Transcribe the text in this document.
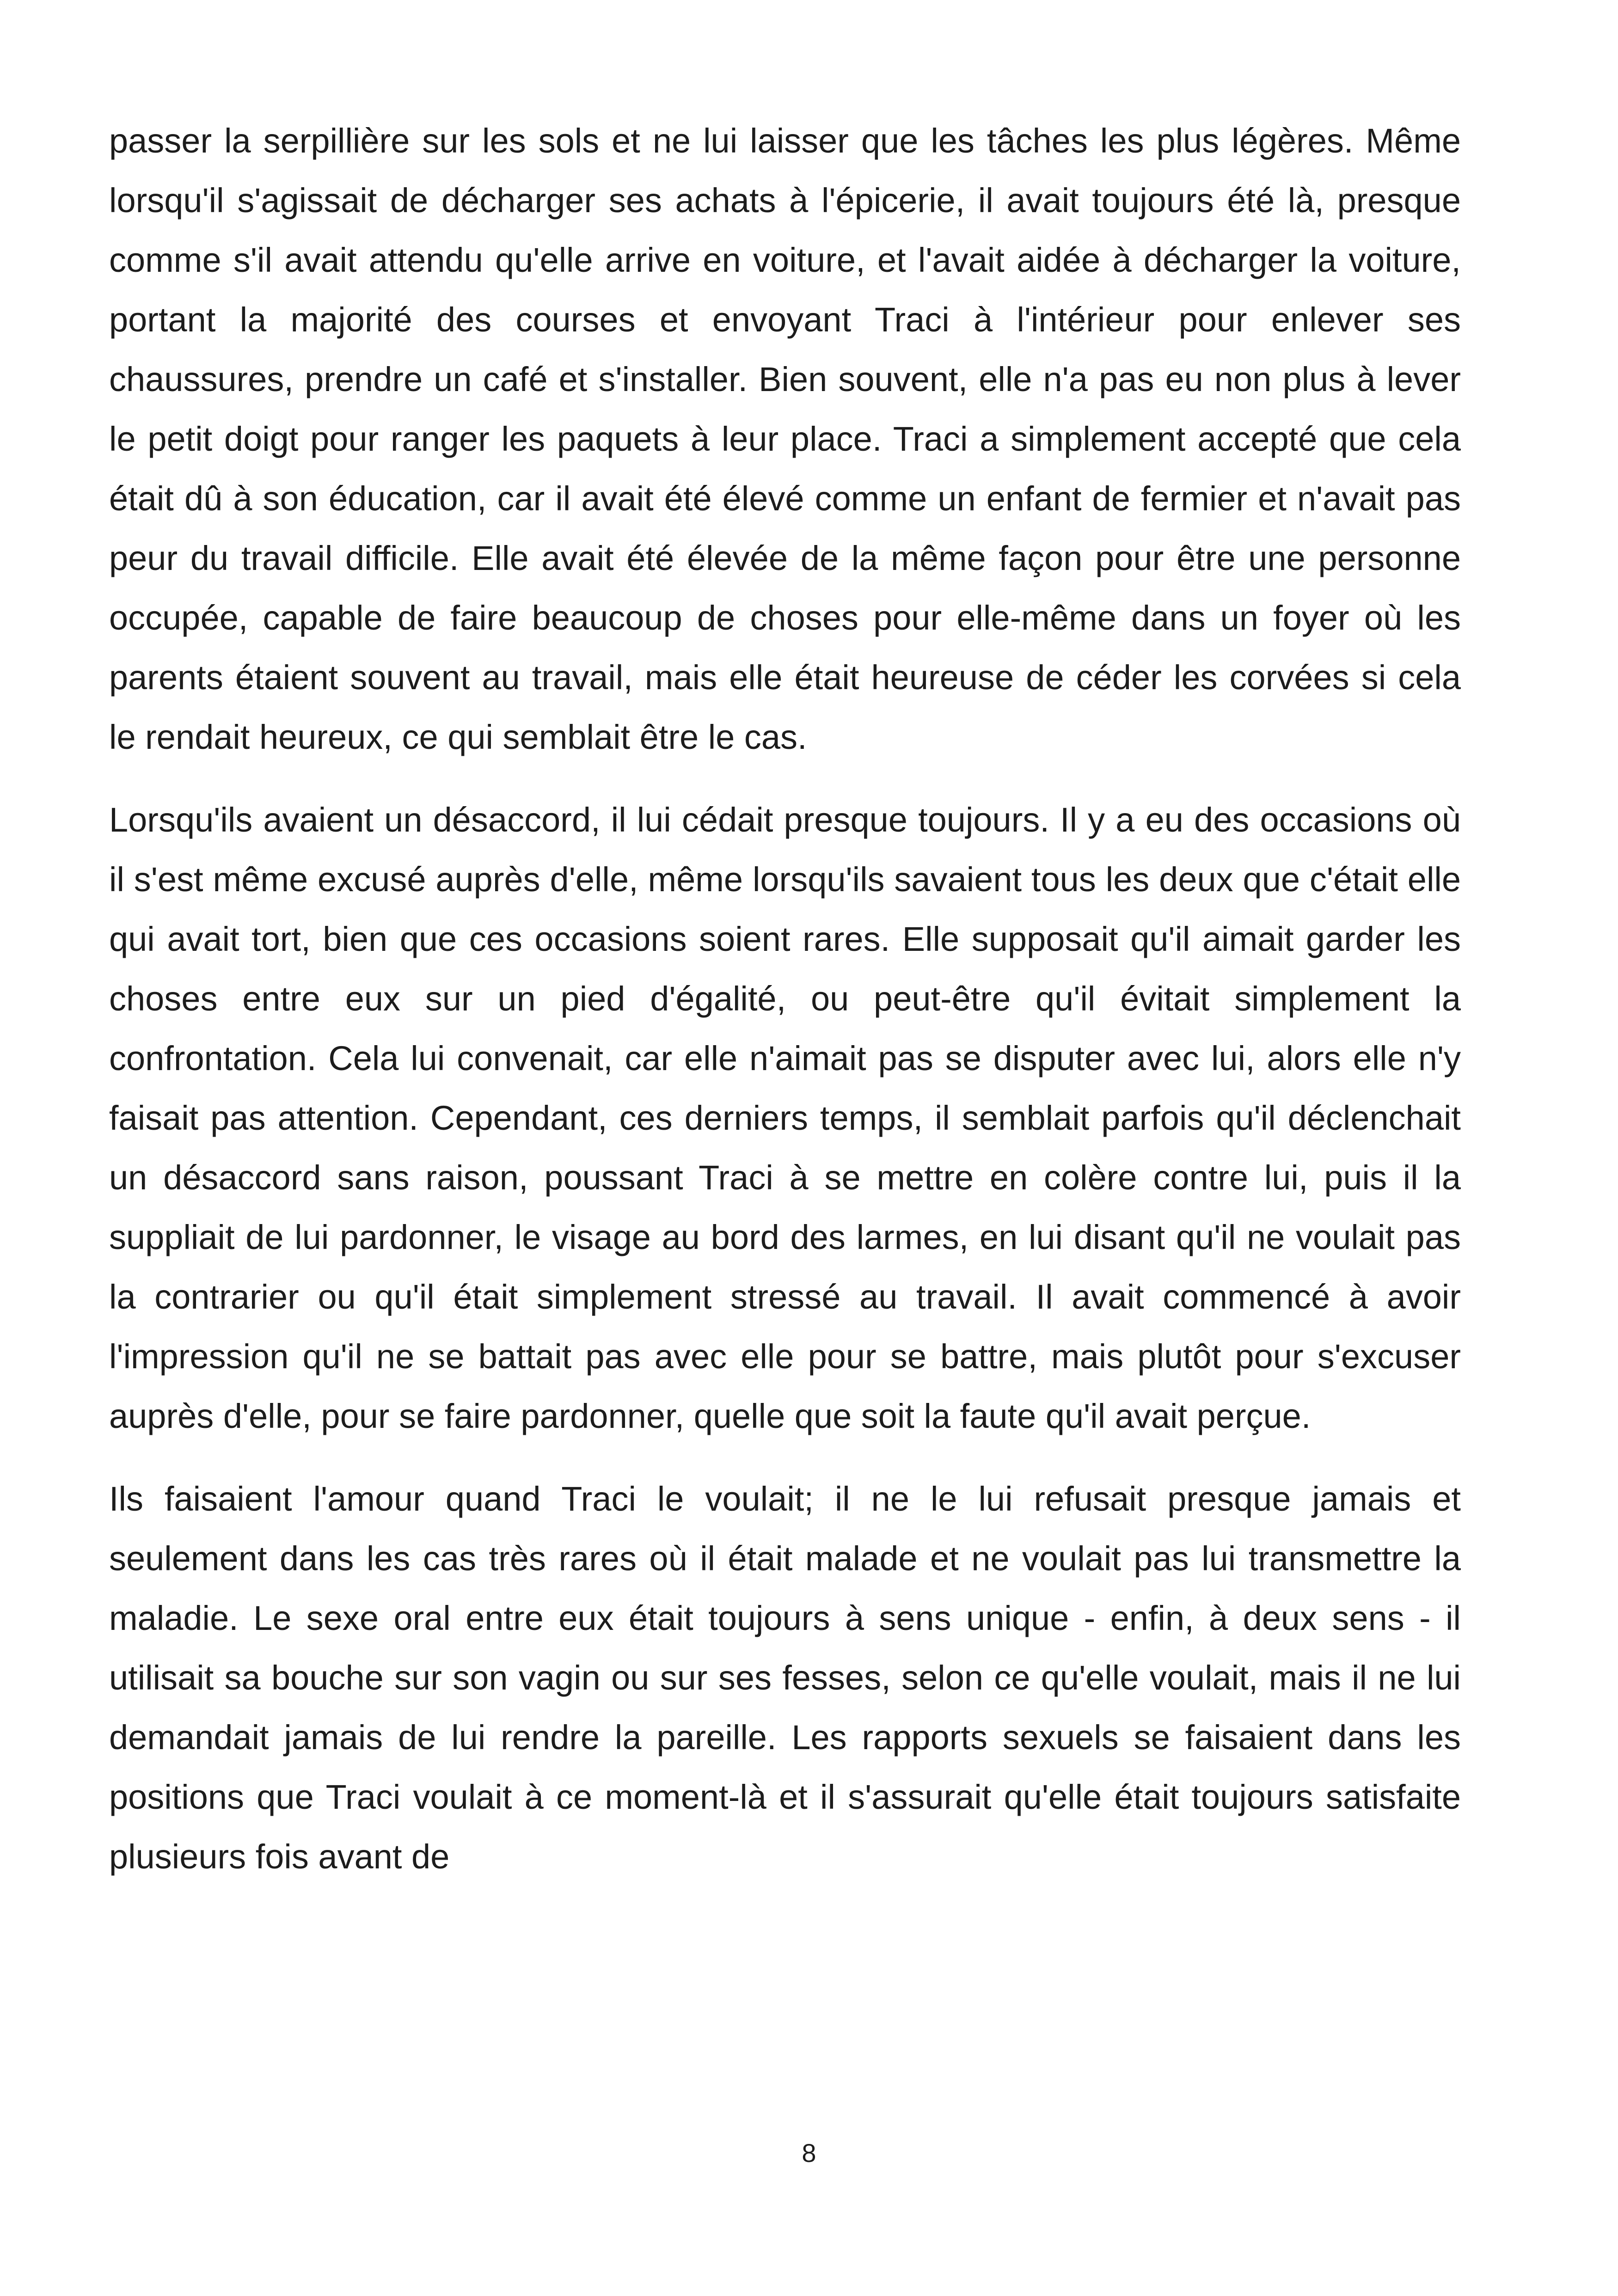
passer la serpillière sur les sols et ne lui laisser que les tâches les plus légères. Même lorsqu'il s'agissait de décharger ses achats à l'épicerie, il avait toujours été là, presque comme s'il avait attendu qu'elle arrive en voiture, et l'avait aidée à décharger la voiture, portant la majorité des courses et envoyant Traci à l'intérieur pour enlever ses chaussures, prendre un café et s'installer. Bien souvent, elle n'a pas eu non plus à lever le petit doigt pour ranger les paquets à leur place. Traci a simplement accepté que cela était dû à son éducation, car il avait été élevé comme un enfant de fermier et n'avait pas peur du travail difficile. Elle avait été élevée de la même façon pour être une personne occupée, capable de faire beaucoup de choses pour elle-même dans un foyer où les parents étaient souvent au travail, mais elle était heureuse de céder les corvées si cela le rendait heureux, ce qui semblait être le cas.

Lorsqu'ils avaient un désaccord, il lui cédait presque toujours. Il y a eu des occasions où il s'est même excusé auprès d'elle, même lorsqu'ils savaient tous les deux que c'était elle qui avait tort, bien que ces occasions soient rares. Elle supposait qu'il aimait garder les choses entre eux sur un pied d'égalité, ou peut-être qu'il évitait simplement la confrontation. Cela lui convenait, car elle n'aimait pas se disputer avec lui, alors elle n'y faisait pas attention. Cependant, ces derniers temps, il semblait parfois qu'il déclenchait un désaccord sans raison, poussant Traci à se mettre en colère contre lui, puis il la suppliait de lui pardonner, le visage au bord des larmes, en lui disant qu'il ne voulait pas la contrarier ou qu'il était simplement stressé au travail. Il avait commencé à avoir l'impression qu'il ne se battait pas avec elle pour se battre, mais plutôt pour s'excuser auprès d'elle, pour se faire pardonner, quelle que soit la faute qu'il avait perçue.

Ils faisaient l'amour quand Traci le voulait; il ne le lui refusait presque jamais et seulement dans les cas très rares où il était malade et ne voulait pas lui transmettre la maladie. Le sexe oral entre eux était toujours à sens unique - enfin, à deux sens - il utilisait sa bouche sur son vagin ou sur ses fesses, selon ce qu'elle voulait, mais il ne lui demandait jamais de lui rendre la pareille. Les rapports sexuels se faisaient dans les positions que Traci voulait à ce moment-là et il s'assurait qu'elle était toujours satisfaite plusieurs fois avant de

8
